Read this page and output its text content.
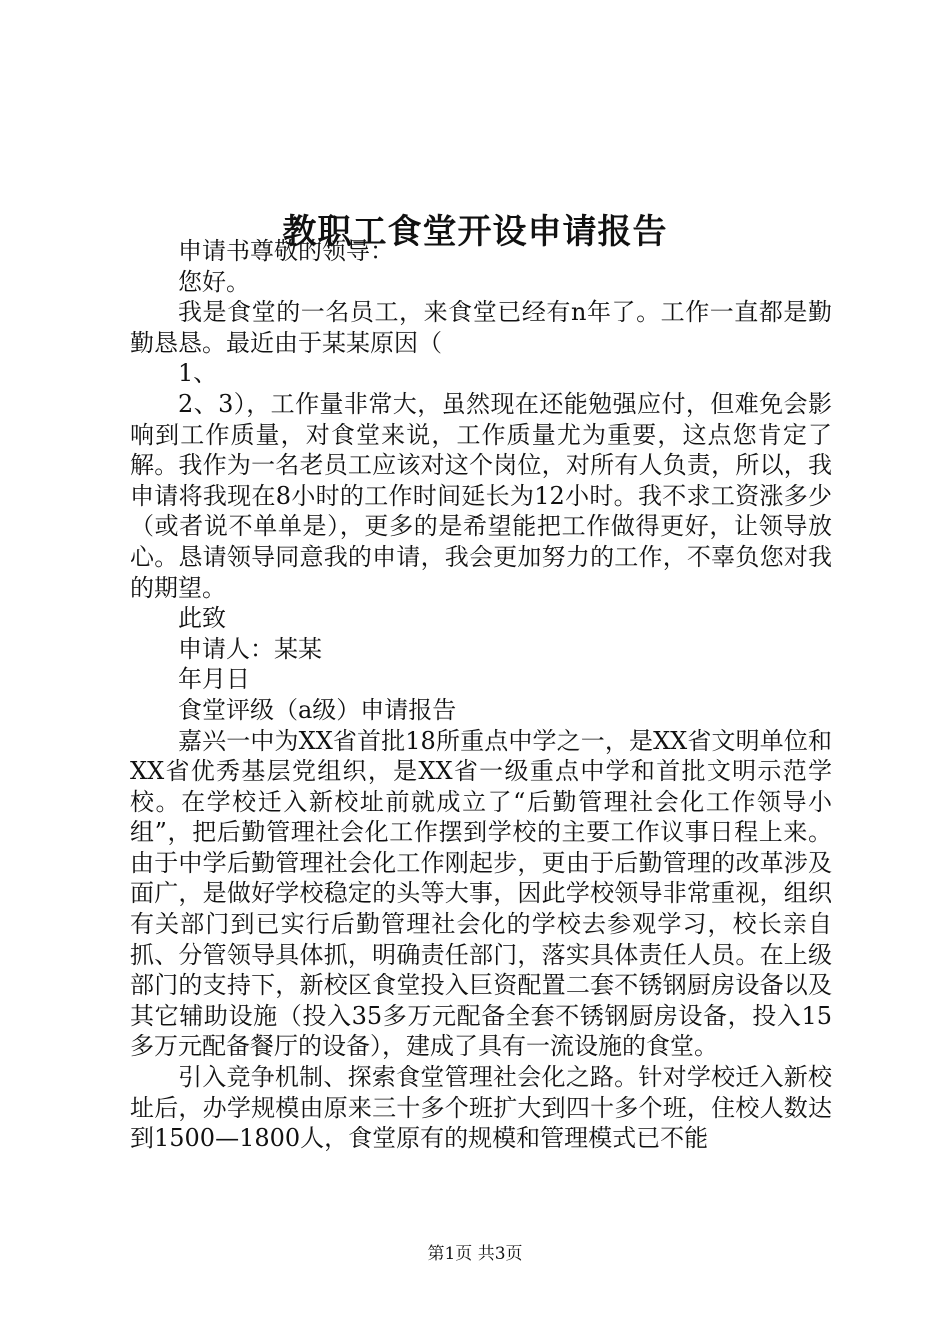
教职工食堂开设申请报告

申请书尊敬的领导：

您好。

我是食堂的一名员工，来食堂已经有n年了。工作一直都是勤勤恳恳。最近由于某某原因（

1、

2、3），工作量非常大，虽然现在还能勉强应付，但难免会影响到工作质量，对食堂来说，工作质量尤为重要，这点您肯定了解。我作为一名老员工应该对这个岗位，对所有人负责，所以，我申请将我现在8小时的工作时间延长为12小时。我不求工资涨多少（或者说不单单是），更多的是希望能把工作做得更好，让领导放心。恳请领导同意我的申请，我会更加努力的工作，不辜负您对我的期望。

此致

申请人：某某

年月日

食堂评级（a级）申请报告

嘉兴一中为XX省首批18所重点中学之一，是XX省文明单位和XX省优秀基层党组织，是XX省一级重点中学和首批文明示范学校。在学校迁入新校址前就成立了“后勤管理社会化工作领导小组”，把后勤管理社会化工作摆到学校的主要工作议事日程上来。由于中学后勤管理社会化工作刚起步，更由于后勤管理的改革涉及面广，是做好学校稳定的头等大事，因此学校领导非常重视，组织有关部门到已实行后勤管理社会化的学校去参观学习，校长亲自抓、分管领导具体抓，明确责任部门，落实具体责任人员。在上级部门的支持下，新校区食堂投入巨资配置二套不锈钢厨房设备以及其它辅助设施（投入35多万元配备全套不锈钢厨房设备，投入15多万元配备餐厅的设备），建成了具有一流设施的食堂。

引入竞争机制、探索食堂管理社会化之路。针对学校迁入新校址后，办学规模由原来三十多个班扩大到四十多个班，住校人数达到1500—1800人，食堂原有的规模和管理模式已不能

第1页 共3页
